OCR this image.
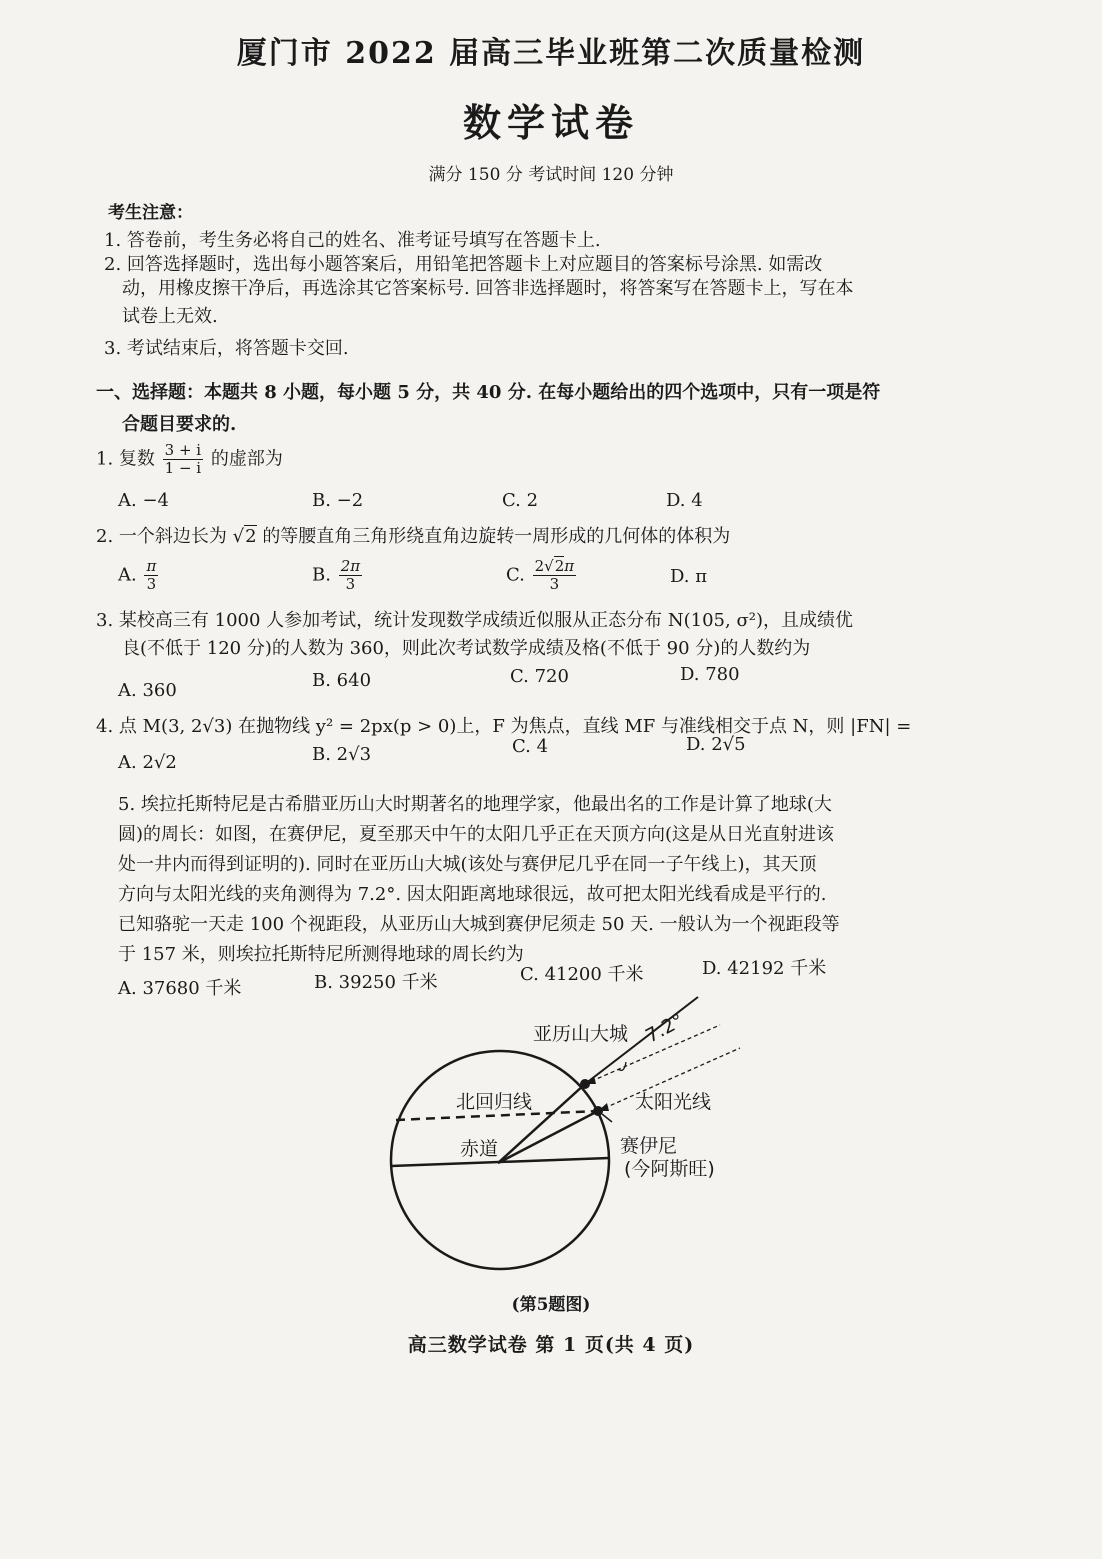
厦门市 2022 届高三毕业班第二次质量检测
数学试卷
满分 150 分 考试时间 120 分钟
考生注意：
1. 答卷前，考生务必将自己的姓名、准考证号填写在答题卡上.
2. 回答选择题时，选出每小题答案后，用铅笔把答题卡上对应题目的答案标号涂黑. 如需改
动，用橡皮擦干净后，再选涂其它答案标号. 回答非选择题时，将答案写在答题卡上，写在本
试卷上无效.
3. 考试结束后，将答题卡交回.
一、选择题：本题共 8 小题，每小题 5 分，共 40 分. 在每小题给出的四个选项中，只有一项是符
合题目要求的.
1. 复数 $\frac{3 + i}{1 - i}$ 的虚部为
A. −4	B. −2	C. 2	D. 4
2. 一个斜边长为 √2 的等腰直角三角形绕直角边旋转一周形成的几何体的体积为
A. $\frac{\pi}{3}$	B. $\frac{2\pi}{3}$	C. $\frac{2√2\pi}{3}$	D. π
3. 某校高三有 1000 人参加考试，统计发现数学成绩近似服从正态分布 N(105, σ²)，且成绩优
良(不低于 120 分)的人数为 360，则此次考试数学成绩及格(不低于 90 分)的人数约为
A. 360	B. 640	C. 720	D. 780
4. 点 M(3, 2√3) 在抛物线 y² = 2px(p > 0)上，F 为焦点，直线 MF 与准线相交于点 N，则 |FN| =
A. 2√2	B. 2√3	C. 4	D. 2√5
5. 埃拉托斯特尼是古希腊亚历山大时期著名的地理学家，他最出名的工作是计算了地球(大
圆)的周长：如图，在赛伊尼，夏至那天中午的太阳几乎正在天顶方向(这是从日光直射进该
处一井内而得到证明的). 同时在亚历山大城(该处与赛伊尼几乎在同一子午线上)，其天顶
方向与太阳光线的夹角测得为 7.2°. 因太阳距离地球很远，故可把太阳光线看成是平行的.
已知骆驼一天走 100 个视距段，从亚历山大城到赛伊尼须走 50 天. 一般认为一个视距段等
于 157 米，则埃拉托斯特尼所测得地球的周长约为
A. 37680 千米	B. 39250 千米	C. 41200 千米	D. 42192 千米
亚历山大城 7.2°
北回归线	太阳光线
赤道	赛伊尼
(今阿斯旺)
(第5题图)
高三数学试卷 第 1 页(共 4 页)
